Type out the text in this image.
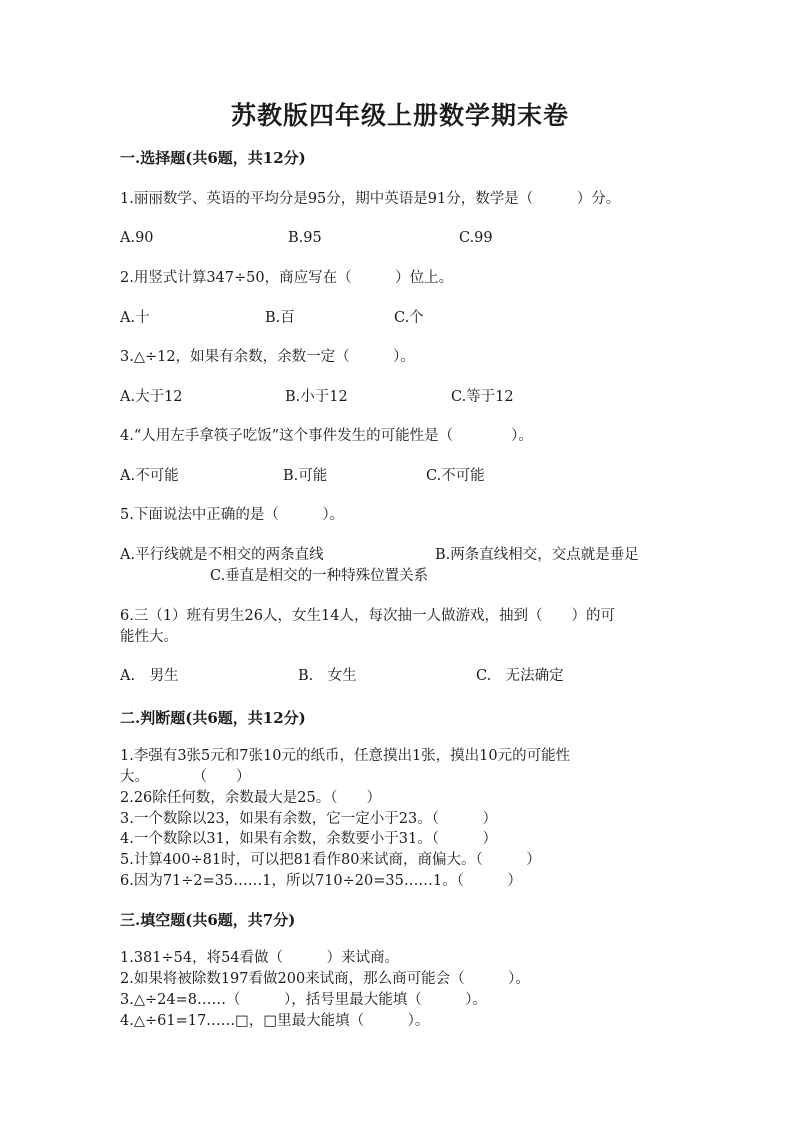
苏教版四年级上册数学期末卷
一.选择题(共6题，共12分)
1.丽丽数学、英语的平均分是95分，期中英语是91分，数学是（　　　）分。
A.90	B.95	C.99
2.用竖式计算347÷50，商应写在（　　　）位上。
A.十	B.百	C.个
3.△÷12，如果有余数，余数一定（　　　）。
A.大于12	B.小于12	C.等于12
4.“人用左手拿筷子吃饭”这个事件发生的可能性是（　　　　）。
A.不可能	B.可能	C.不可能
5.下面说法中正确的是（　　　）。
A.平行线就是不相交的两条直线	B.两条直线相交，交点就是垂足
C.垂直是相交的一种特殊位置关系
6.三（1）班有男生26人，女生14人，每次抽一人做游戏，抽到（　　）的可
能性大。
A.　男生	B.　女生	C.　无法确定
二.判断题(共6题，共12分)
1.李强有3张5元和7张10元的纸币，任意摸出1张，摸出10元的可能性
大。　　　　（　　）
2.26除任何数，余数最大是25。（　　）
3.一个数除以23，如果有余数，它一定小于23。（　　　）
4.一个数除以31，如果有余数，余数要小于31。（　　　）
5.计算400÷81时，可以把81看作80来试商，商偏大。（　　　）
6.因为71÷2=35……1，所以710÷20=35……1。（　　　）
三.填空题(共6题，共7分)
1.381÷54，将54看做（　　　）来试商。
2.如果将被除数197看做200来试商，那么商可能会（　　　）。
3.△÷24=8……（　　　），括号里最大能填（　　　）。
4.△÷61=17……□，□里最大能填（　　　）。
